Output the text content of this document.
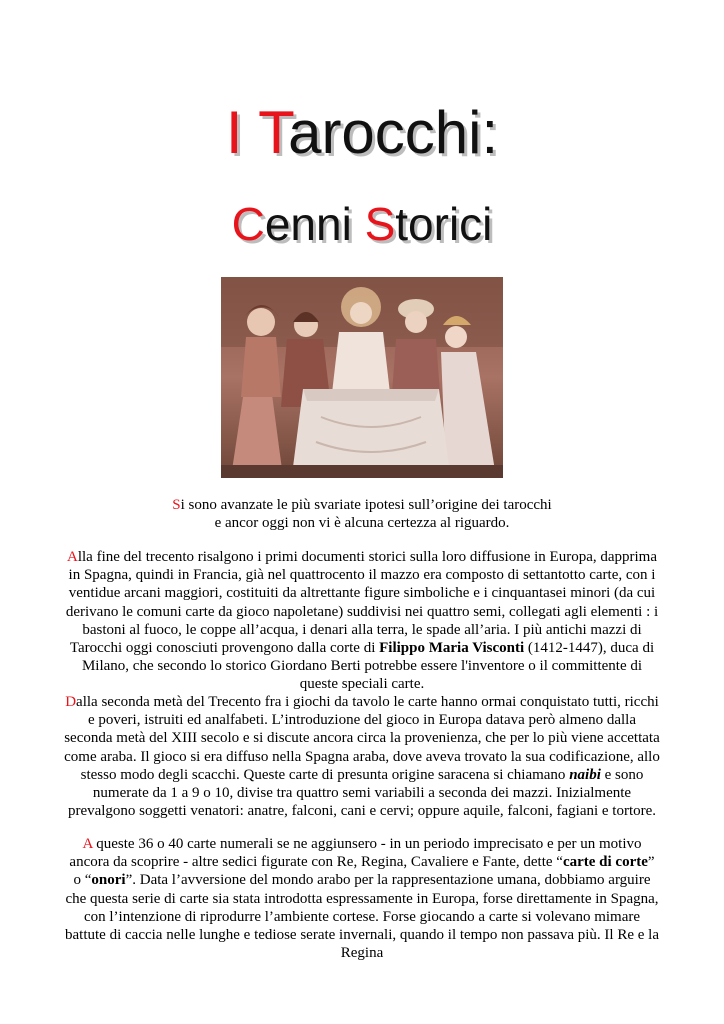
I Tarocchi:
Cenni Storici
Si sono avanzate le più svariate ipotesi sull’origine dei tarocchi
e ancor oggi non vi è alcuna certezza al riguardo.
Alla fine del trecento risalgono i primi documenti storici sulla loro diffusione in Europa, dapprima in Spagna, quindi in Francia, già nel quattrocento il mazzo era composto di settantotto carte, con i ventidue arcani maggiori, costituiti da altrettante figure simboliche e i cinquantasei minori (da cui derivano le comuni carte da gioco napoletane) suddivisi nei quattro semi, collegati agli elementi : i bastoni al fuoco, le coppe all’acqua, i denari alla terra, le spade all’aria. I più antichi mazzi di Tarocchi oggi conosciuti provengono dalla corte di Filippo Maria Visconti (1412-1447), duca di Milano, che secondo lo storico Giordano Berti potrebbe essere l'inventore o il committente di queste speciali carte.
Dalla seconda metà del Trecento fra i giochi da tavolo le carte hanno ormai conquistato tutti, ricchi e poveri, istruiti ed analfabeti. L’introduzione del gioco in Europa datava però almeno dalla seconda metà del XIII secolo e si discute ancora circa la provenienza, che per lo più viene accettata come araba. Il gioco si era diffuso nella Spagna araba, dove aveva trovato la sua codificazione, allo stesso modo degli scacchi. Queste carte di presunta origine saracena si chiamano naibi e sono numerate da 1 a 9 o 10, divise tra quattro semi variabili a seconda dei mazzi. Inizialmente prevalgono soggetti venatori: anatre, falconi, cani e cervi; oppure aquile, falconi, fagiani e tortore.
A queste 36 o 40 carte numerali se ne aggiunsero - in un periodo imprecisato e per un motivo ancora da scoprire - altre sedici figurate con Re, Regina, Cavaliere e Fante, dette “carte di corte” o “onori”. Data l’avversione del mondo arabo per la rappresentazione umana, dobbiamo arguire che questa serie di carte sia stata introdotta espressamente in Europa, forse direttamente in Spagna, con l’intenzione di riprodurre l’ambiente cortese. Forse giocando a carte si volevano mimare battute di caccia nelle lunghe e tediose serate invernali, quando il tempo non passava più. Il Re e la Regina
